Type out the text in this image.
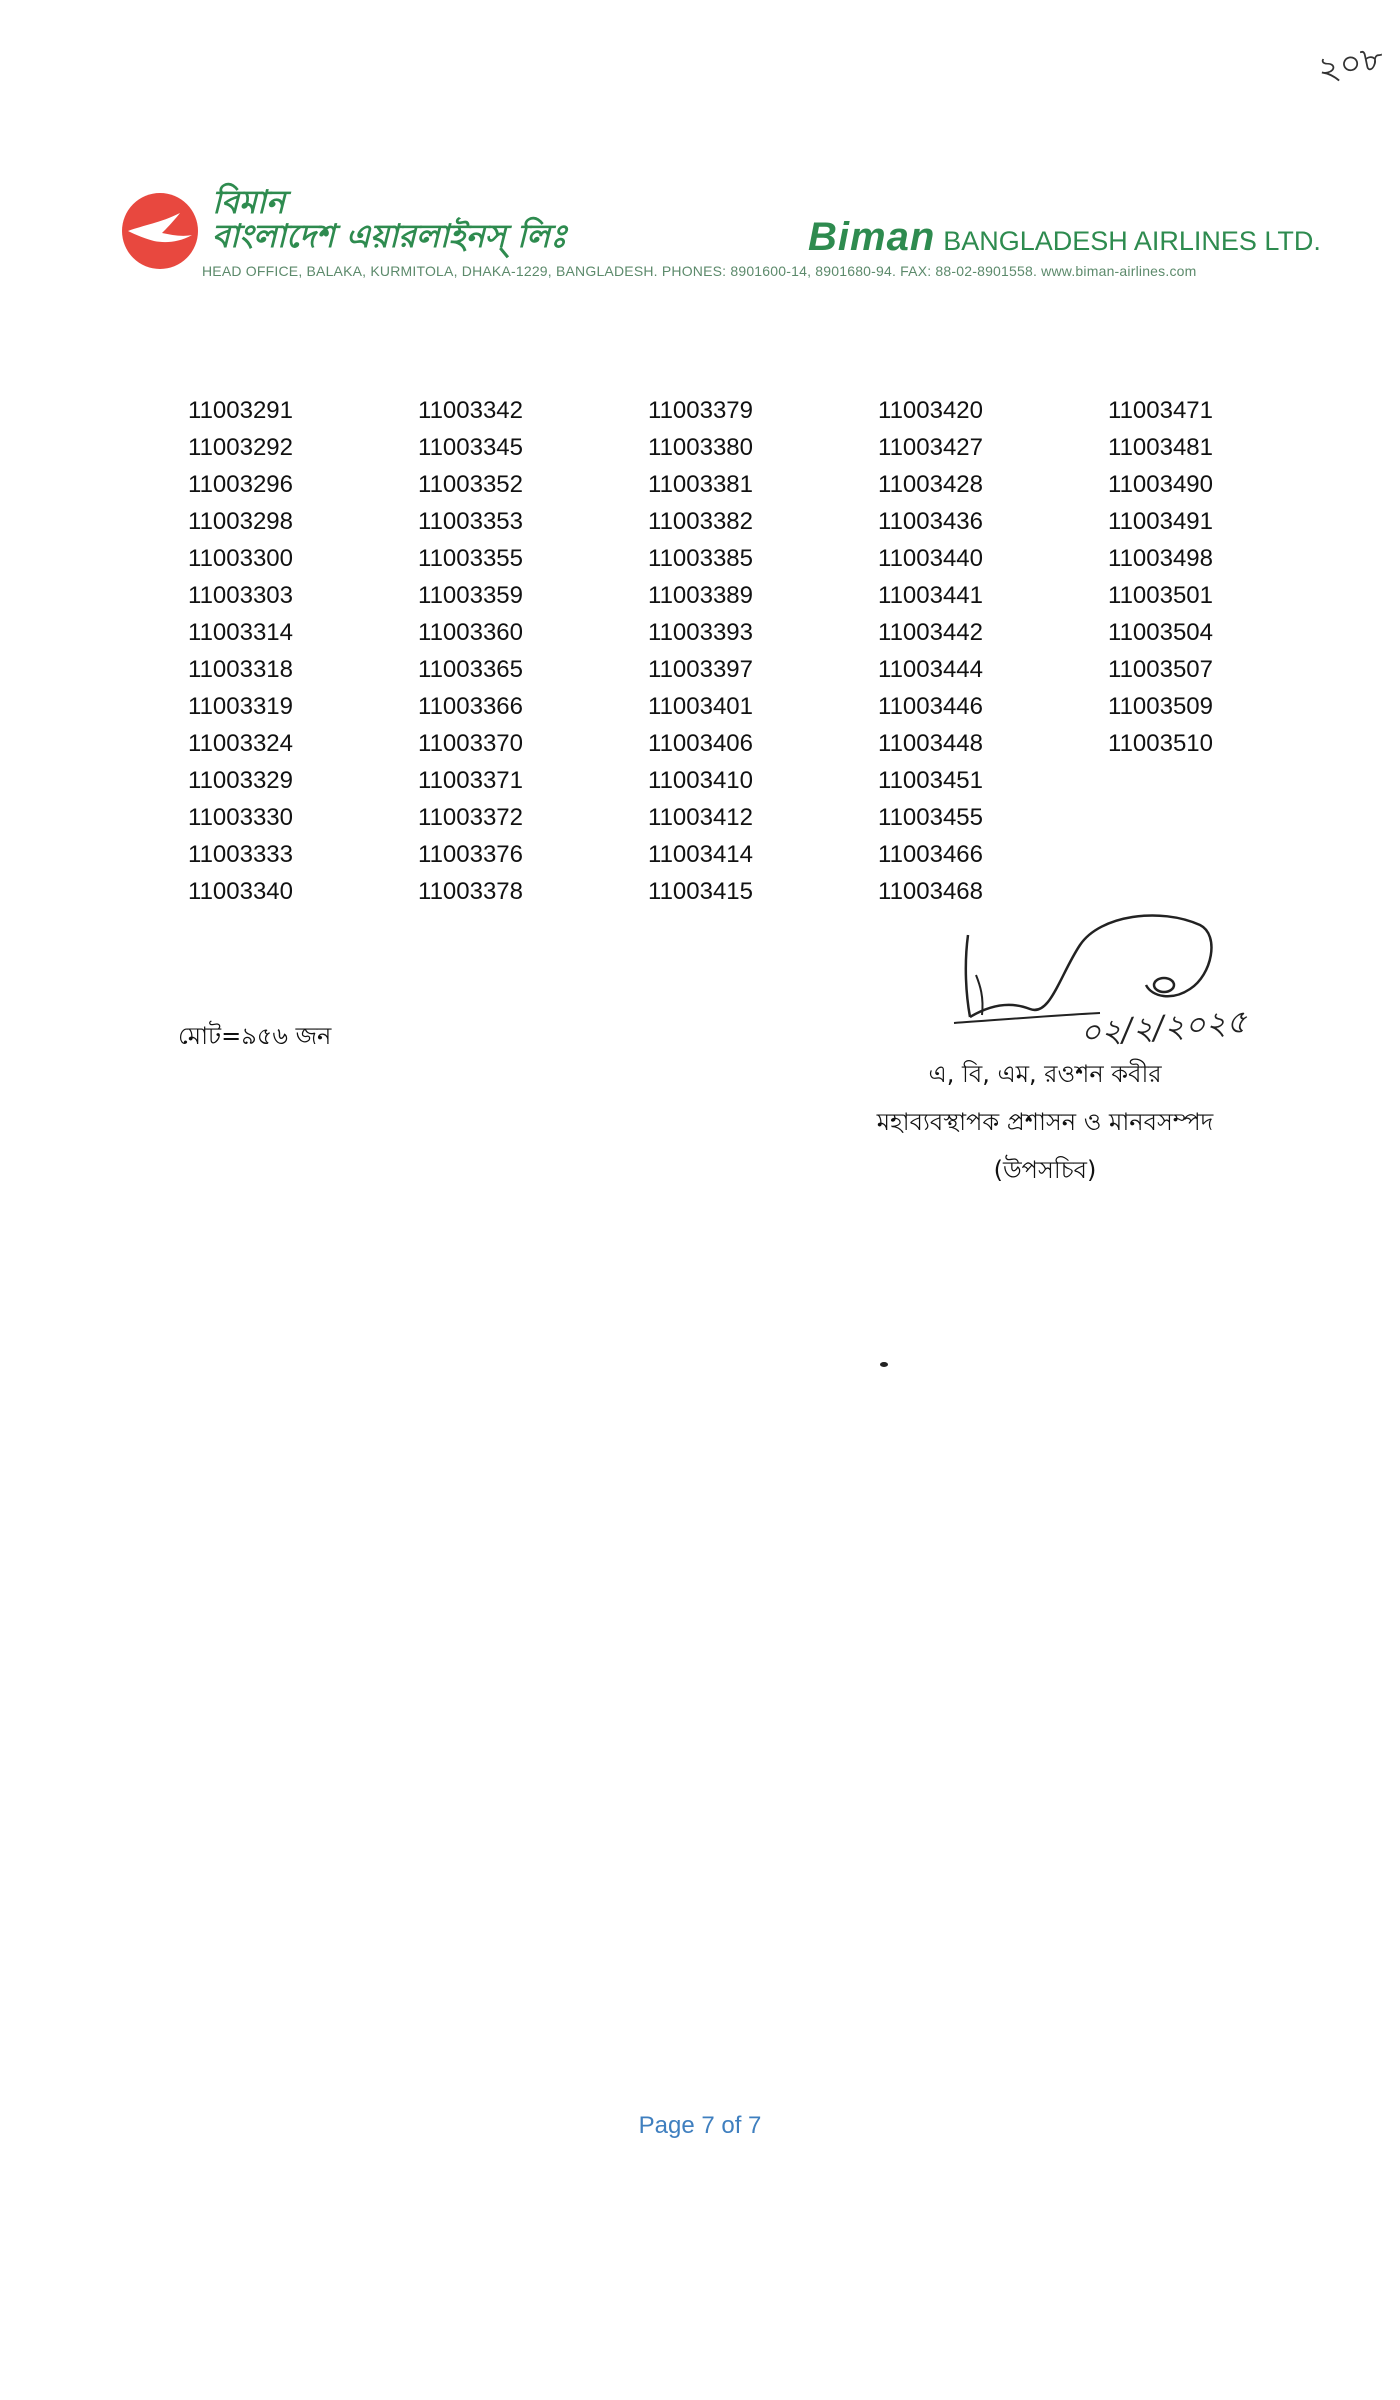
২০৮
বিমান
বাংলাদেশ এয়ারলাইনস্ লিঃ	Biman BANGLADESH AIRLINES LTD.
HEAD OFFICE, BALAKA, KURMITOLA, DHAKA-1229, BANGLADESH. PHONES: 8901600-14, 8901680-94. FAX: 88-02-8901558. www.biman-airlines.com
11003291
11003292
11003296
11003298
11003300
11003303
11003314
11003318
11003319
11003324
11003329
11003330
11003333
11003340
11003342
11003345
11003352
11003353
11003355
11003359
11003360
11003365
11003366
11003370
11003371
11003372
11003376
11003378
11003379
11003380
11003381
11003382
11003385
11003389
11003393
11003397
11003401
11003406
11003410
11003412
11003414
11003415
11003420
11003427
11003428
11003436
11003440
11003441
11003442
11003444
11003446
11003448
11003451
11003455
11003466
11003468
11003471
11003481
11003490
11003491
11003498
11003501
11003504
11003507
11003509
11003510
মোট=৯৫৬ জন	০২/২/২০২৫
এ, বি, এম, রওশন কবীর
মহাব্যবস্থাপক প্রশাসন ও মানবসম্পদ
(উপসচিব)
Page 7 of 7
